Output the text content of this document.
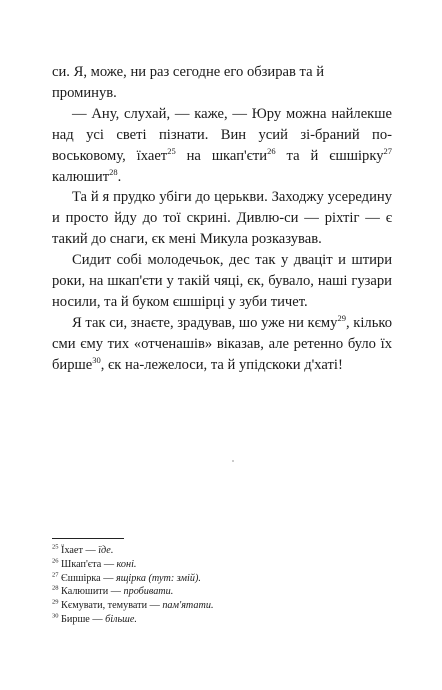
си. Я, може, ни раз сегодне его обзирав та й
проминув.

— Ану, слухай, — каже, — Юру можна найлекше над усі светі пізнати. Вин усий зі-браний по-воськовому, їхает$^{25}$ на шкап'єти$^{26}$ та й єшшірку$^{27}$ калюшит$^{28}$.

Та й я прудко убіги до церькви. Заходжу усередину и просто йду до тої скрині. Дивлю-си — ріхтіг — є такий до снаги, єк мені Микула розказував.

Сидит собі молодечьок, дес так у дваціт и штири роки, на шкап'єти у такій чяці, єк, бувало, наші гузари носили, та й буком єшшірці у зуби тичет.

Я так си, знаєте, зрадував, шо уже ни кєму$^{29}$, кілько сми єму тих «отченашів» віказав, але ретенно було їх бирше$^{30}$, єк на-лежелоси, та й упідскоки д'хаті!

$^{25}$ Їхает — їде.

$^{26}$ Шкап'єта — коні.

$^{27}$ Єшшірка — ящірка (тут: змій).

$^{28}$ Калюшити — пробивати.

$^{29}$ Кємувати, темувати — пам'ятати.

$^{30}$ Бирше — більше.
